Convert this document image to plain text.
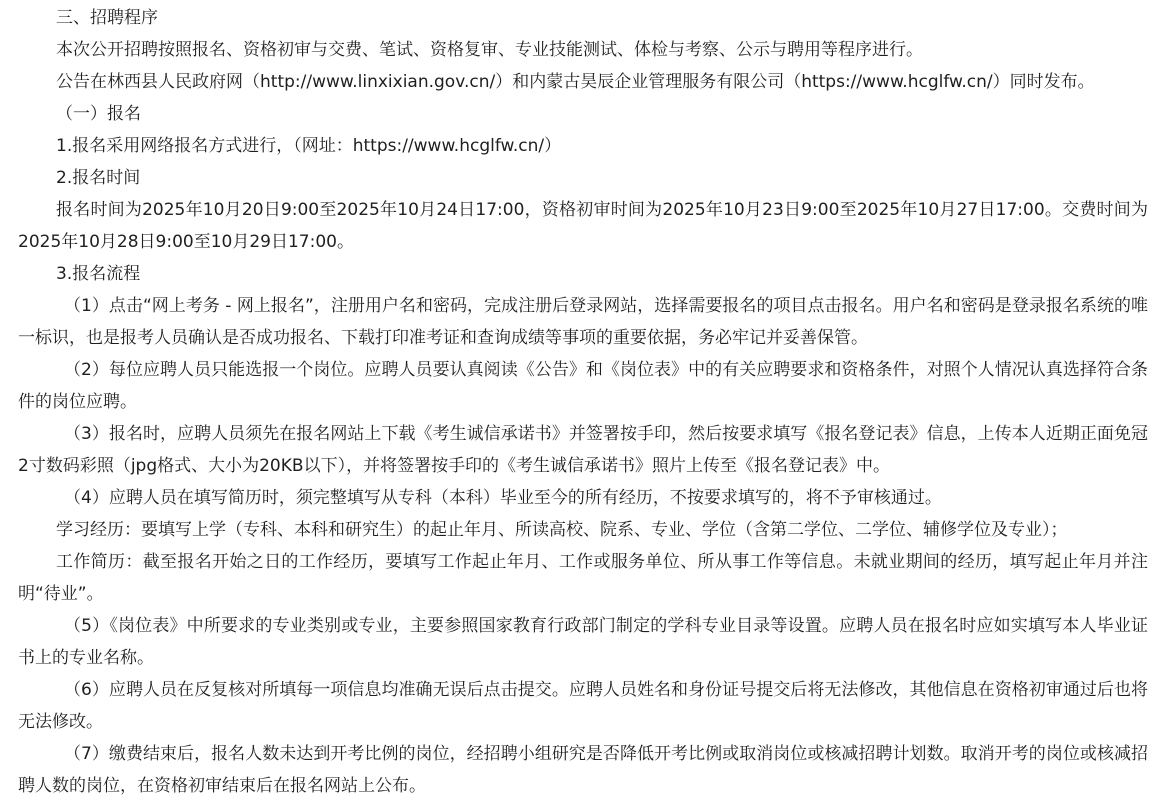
三、招聘程序

本次公开招聘按照报名、资格初审与交费、笔试、资格复审、专业技能测试、体检与考察、公示与聘用等程序进行。

公告在林西县人民政府网（http://www.linxixian.gov.cn/）和内蒙古昊辰企业管理服务有限公司（https://www.hcglfw.cn/）同时发布。

（一）报名

1.报名采用网络报名方式进行，（网址：https://www.hcglfw.cn/）

2.报名时间

报名时间为2025年10月20日9:00至2025年10月24日17:00，资格初审时间为2025年10月23日9:00至2025年10月27日17:00。交费时间为2025年10月28日9:00至10月29日17:00。

3.报名流程

（1）点击“网上考务 - 网上报名”，注册用户名和密码，完成注册后登录网站，选择需要报名的项目点击报名。用户名和密码是登录报名系统的唯一标识，也是报考人员确认是否成功报名、下载打印准考证和查询成绩等事项的重要依据，务必牢记并妥善保管。

（2）每位应聘人员只能选报一个岗位。应聘人员要认真阅读《公告》和《岗位表》中的有关应聘要求和资格条件，对照个人情况认真选择符合条件的岗位应聘。

（3）报名时，应聘人员须先在报名网站上下载《考生诚信承诺书》并签署按手印，然后按要求填写《报名登记表》信息，上传本人近期正面免冠2寸数码彩照（jpg格式、大小为20KB以下），并将签署按手印的《考生诚信承诺书》照片上传至《报名登记表》中。

（4）应聘人员在填写简历时，须完整填写从专科（本科）毕业至今的所有经历，不按要求填写的，将不予审核通过。

学习经历：要填写上学（专科、本科和研究生）的起止年月、所读高校、院系、专业、学位（含第二学位、二学位、辅修学位及专业）；

工作简历：截至报名开始之日的工作经历，要填写工作起止年月、工作或服务单位、所从事工作等信息。未就业期间的经历，填写起止年月并注明“待业”。

（5）《岗位表》中所要求的专业类别或专业，主要参照国家教育行政部门制定的学科专业目录等设置。应聘人员在报名时应如实填写本人毕业证书上的专业名称。

（6）应聘人员在反复核对所填每一项信息均准确无误后点击提交。应聘人员姓名和身份证号提交后将无法修改，其他信息在资格初审通过后也将无法修改。

（7）缴费结束后，报名人数未达到开考比例的岗位，经招聘小组研究是否降低开考比例或取消岗位或核减招聘计划数。取消开考的岗位或核减招聘人数的岗位，在资格初审结束后在报名网站上公布。
